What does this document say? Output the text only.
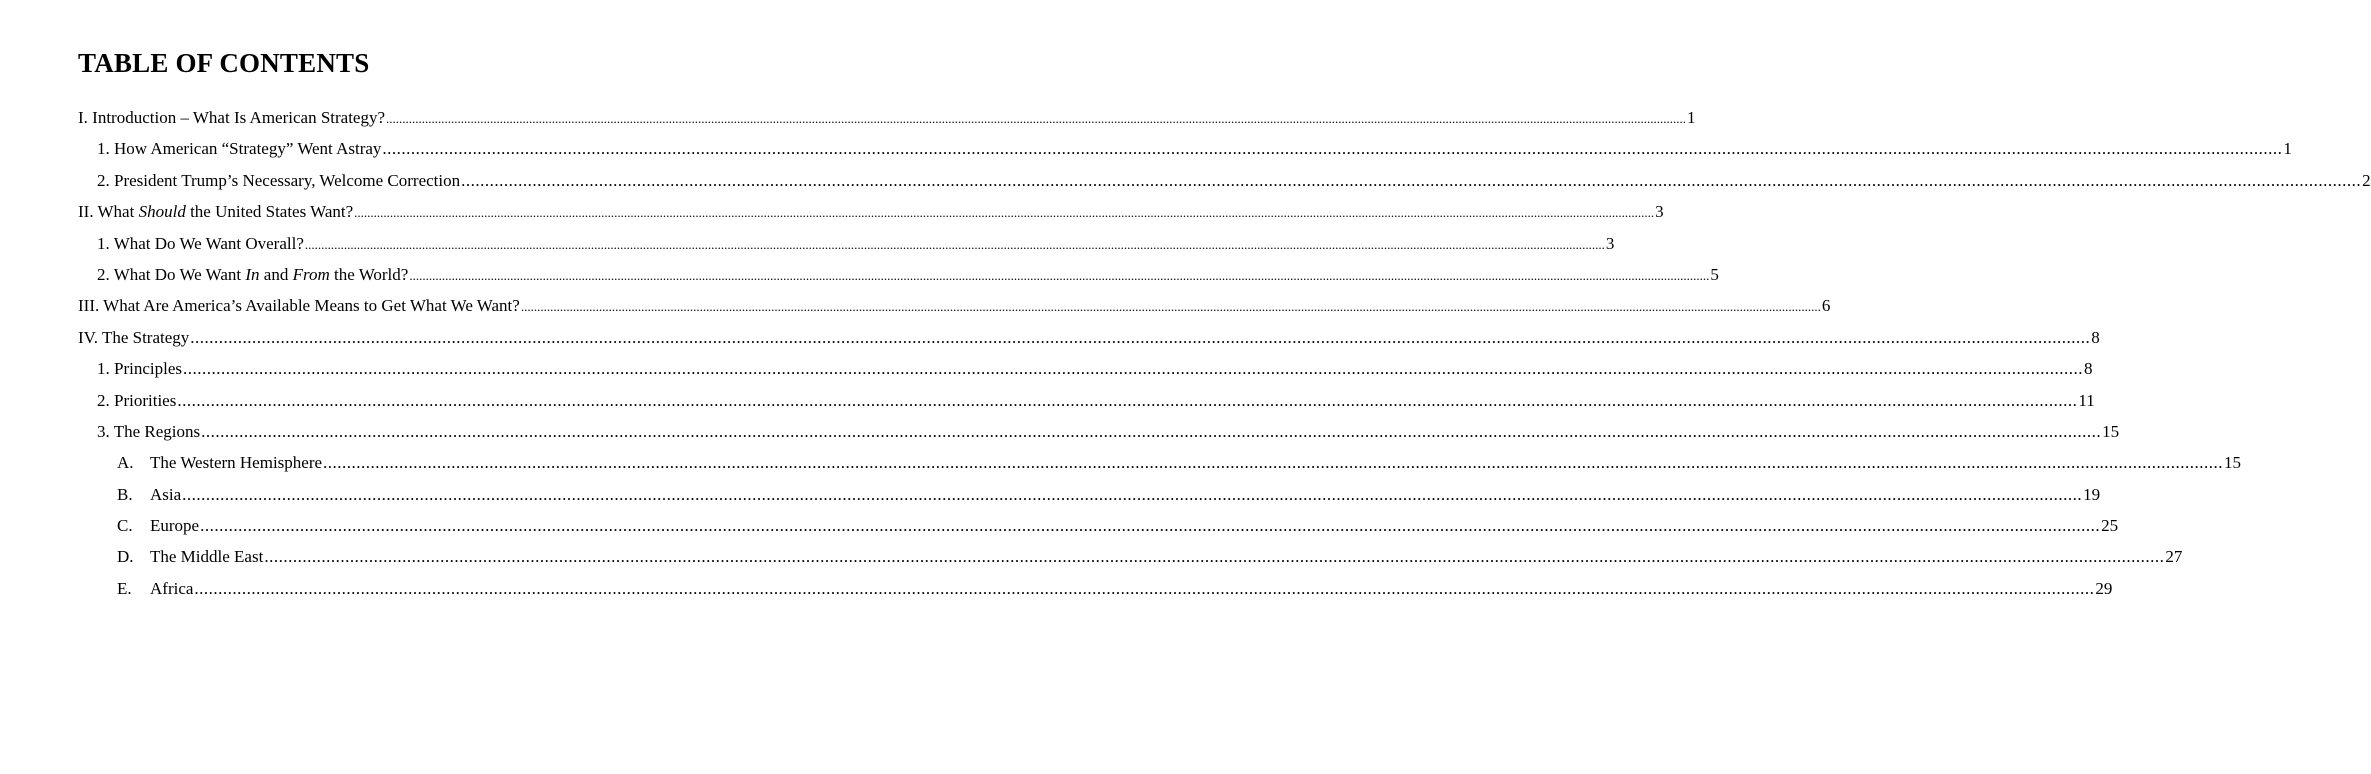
TABLE OF CONTENTS
I. Introduction – What Is American Strategy? ................................................................................................................................................................................................................................................................................................................................................................................................................ 1
1. How American “Strategy” Went Astray ................................................................................................................................................................................................................................................................................................................................................................................................................ 1
2. President Trump’s Necessary, Welcome Correction ................................................................................................................................................................................................................................................................................................................................................................................................................ 2
II. What Should the United States Want? ................................................................................................................................................................................................................................................................................................................................................................................................................ 3
1. What Do We Want Overall? ................................................................................................................................................................................................................................................................................................................................................................................................................ 3
2. What Do We Want In and From the World? ................................................................................................................................................................................................................................................................................................................................................................................................................ 5
III. What Are America’s Available Means to Get What We Want? ................................................................................................................................................................................................................................................................................................................................................................................................................ 6
IV. The Strategy ................................................................................................................................................................................................................................................................................................................................................................................................................ 8
1. Principles ................................................................................................................................................................................................................................................................................................................................................................................................................ 8
2. Priorities ................................................................................................................................................................................................................................................................................................................................................................................................................ 11
3. The Regions ................................................................................................................................................................................................................................................................................................................................................................................................................ 15
A. The Western Hemisphere ................................................................................................................................................................................................................................................................................................................................................................................................................ 15
B.	Asia ................................................................................................................................................................................................................................................................................................................................................................................................................ 19
C.	Europe ................................................................................................................................................................................................................................................................................................................................................................................................................ 25
D. The Middle East ................................................................................................................................................................................................................................................................................................................................................................................................................ 27
E.	Africa ................................................................................................................................................................................................................................................................................................................................................................................................................ 29
